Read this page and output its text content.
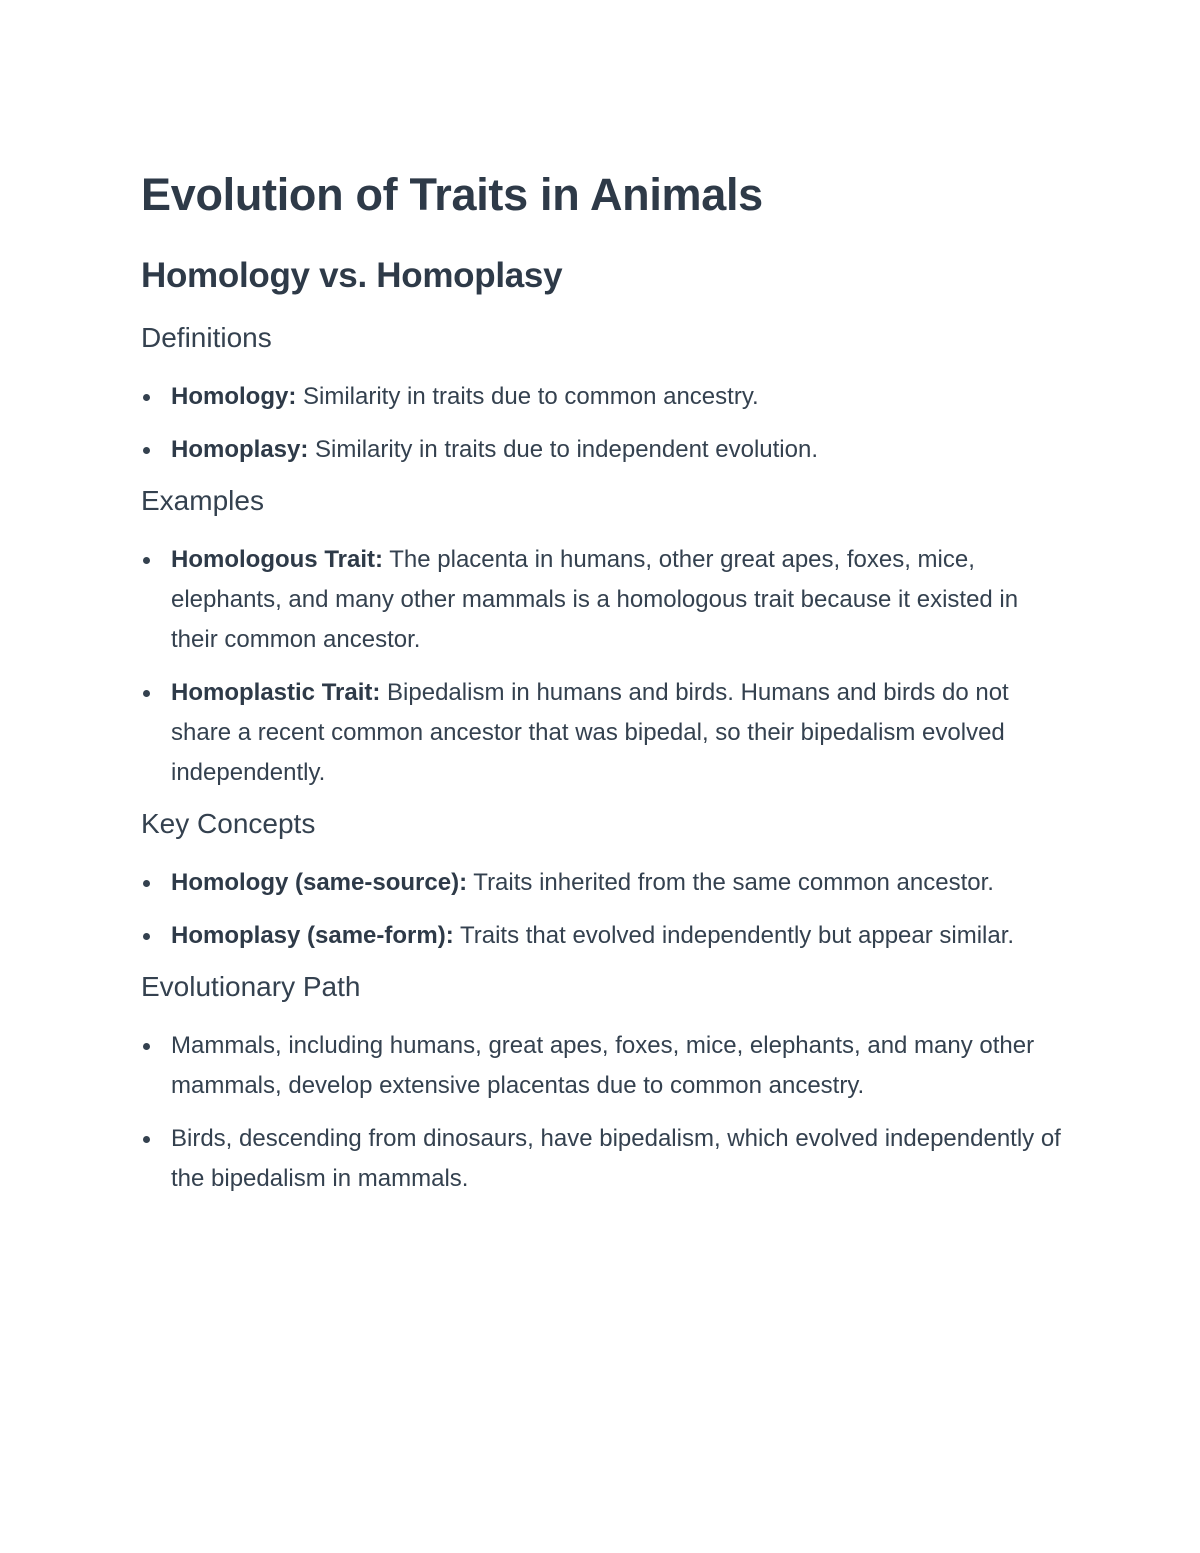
Evolution of Traits in Animals
Homology vs. Homoplasy
Definitions
Homology: Similarity in traits due to common ancestry.
Homoplasy: Similarity in traits due to independent evolution.
Examples
Homologous Trait: The placenta in humans, other great apes, foxes, mice, elephants, and many other mammals is a homologous trait because it existed in their common ancestor.
Homoplastic Trait: Bipedalism in humans and birds. Humans and birds do not share a recent common ancestor that was bipedal, so their bipedalism evolved independently.
Key Concepts
Homology (same-source): Traits inherited from the same common ancestor.
Homoplasy (same-form): Traits that evolved independently but appear similar.
Evolutionary Path
Mammals, including humans, great apes, foxes, mice, elephants, and many other mammals, develop extensive placentas due to common ancestry.
Birds, descending from dinosaurs, have bipedalism, which evolved independently of the bipedalism in mammals.
